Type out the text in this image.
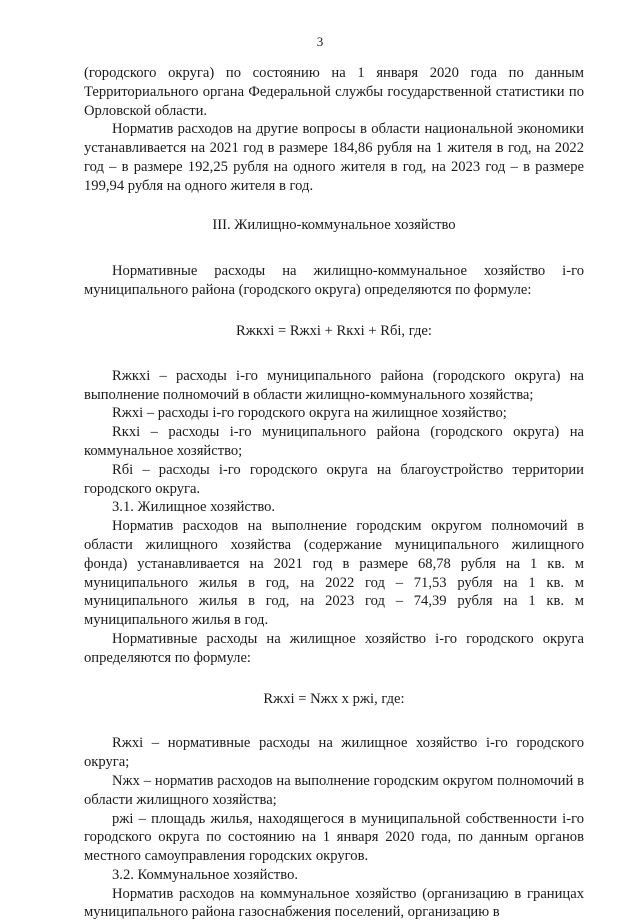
3

(городского округа) по состоянию на 1 января 2020 года по данным Территориального органа Федеральной службы государственной статистики по Орловской области.

Норматив расходов на другие вопросы в области национальной экономики устанавливается на 2021 год в размере 184,86 рубля на 1 жителя в год, на 2022 год – в размере 192,25 рубля на одного жителя в год, на 2023 год – в размере 199,94 рубля на одного жителя в год.

III. Жилищно-коммунальное хозяйство

Нормативные расходы на жилищно-коммунальное хозяйство i-го муниципального района (городского округа) определяются по формуле:

Rжкхi = Rжхi + Rкхi + Rбi, где:

Rжкхi – расходы i-го муниципального района (городского округа) на выполнение полномочий в области жилищно-коммунального хозяйства;

Rжхi – расходы i-го городского округа на жилищное хозяйство;

Rкхi – расходы i-го муниципального района (городского округа) на коммунальное хозяйство;

Rбi – расходы i-го городского округа на благоустройство территории городского округа.

3.1. Жилищное хозяйство.

Норматив расходов на выполнение городским округом полномочий в области жилищного хозяйства (содержание муниципального жилищного фонда) устанавливается на 2021 год в размере 68,78 рубля на 1 кв. м муниципального жилья в год, на 2022 год – 71,53 рубля на 1 кв. м муниципального жилья в год, на 2023 год – 74,39 рубля на 1 кв. м муниципального жилья в год.

Нормативные расходы на жилищное хозяйство i-го городского округа определяются по формуле:

Rжхi = Nжх x pжi, где:

Rжхi – нормативные расходы на жилищное хозяйство i-го городского округа;

Nжх – норматив расходов на выполнение городским округом полномочий в области жилищного хозяйства;

pжi – площадь жилья, находящегося в муниципальной собственности i-го городского округа по состоянию на 1 января 2020 года, по данным органов местного самоуправления городских округов.

3.2. Коммунальное хозяйство.

Норматив расходов на коммунальное хозяйство (организацию в границах муниципального района газоснабжения поселений, организацию в
